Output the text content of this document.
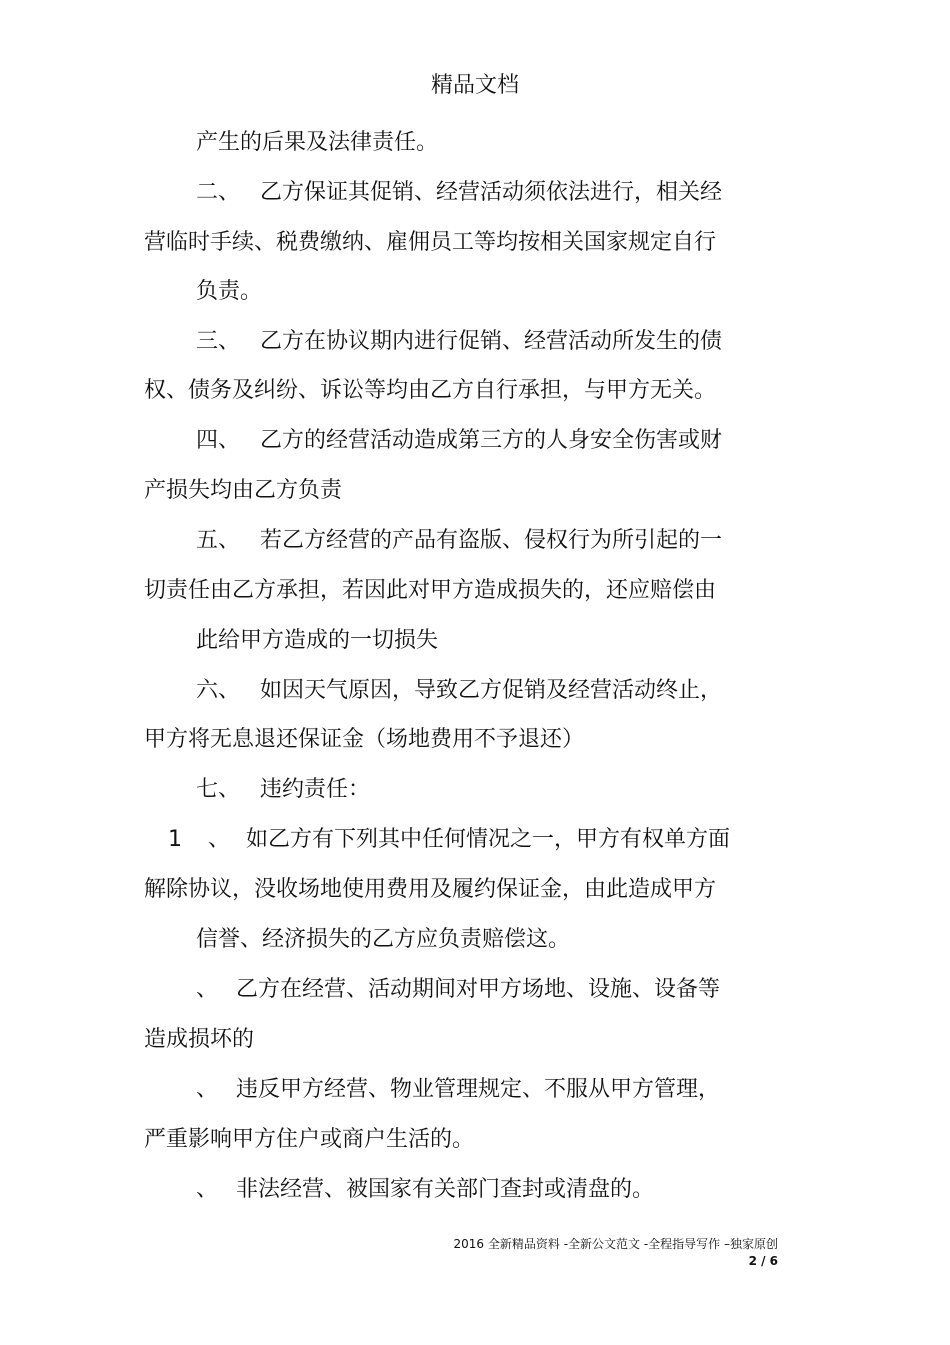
精品文档
产生的后果及法律责任。
二、 乙方保证其促销、经营活动须依法进行，相关经
营临时手续、税费缴纳、雇佣员工等均按相关国家规定自行
负责。
三、 乙方在协议期内进行促销、经营活动所发生的债
权、债务及纠纷、诉讼等均由乙方自行承担，与甲方无关。
四、 乙方的经营活动造成第三方的人身安全伤害或财
产损失均由乙方负责
五、 若乙方经营的产品有盗版、侵权行为所引起的一
切责任由乙方承担，若因此对甲方造成损失的，还应赔偿由
此给甲方造成的一切损失
六、 如因天气原因，导致乙方促销及经营活动终止，
甲方将无息退还保证金（场地费用不予退还）
七、 违约责任：
1 、 如乙方有下列其中任何情况之一，甲方有权单方面
解除协议，没收场地使用费用及履约保证金，由此造成甲方
信誉、经济损失的乙方应负责赔偿这。
、 乙方在经营、活动期间对甲方场地、设施、设备等
造成损坏的
、 违反甲方经营、物业管理规定、不服从甲方管理，
严重影响甲方住户或商户生活的。
、 非法经营、被国家有关部门查封或清盘的。
2016 全新精品资料 -全新公文范文 -全程指导写作 –独家原创
2 / 6
